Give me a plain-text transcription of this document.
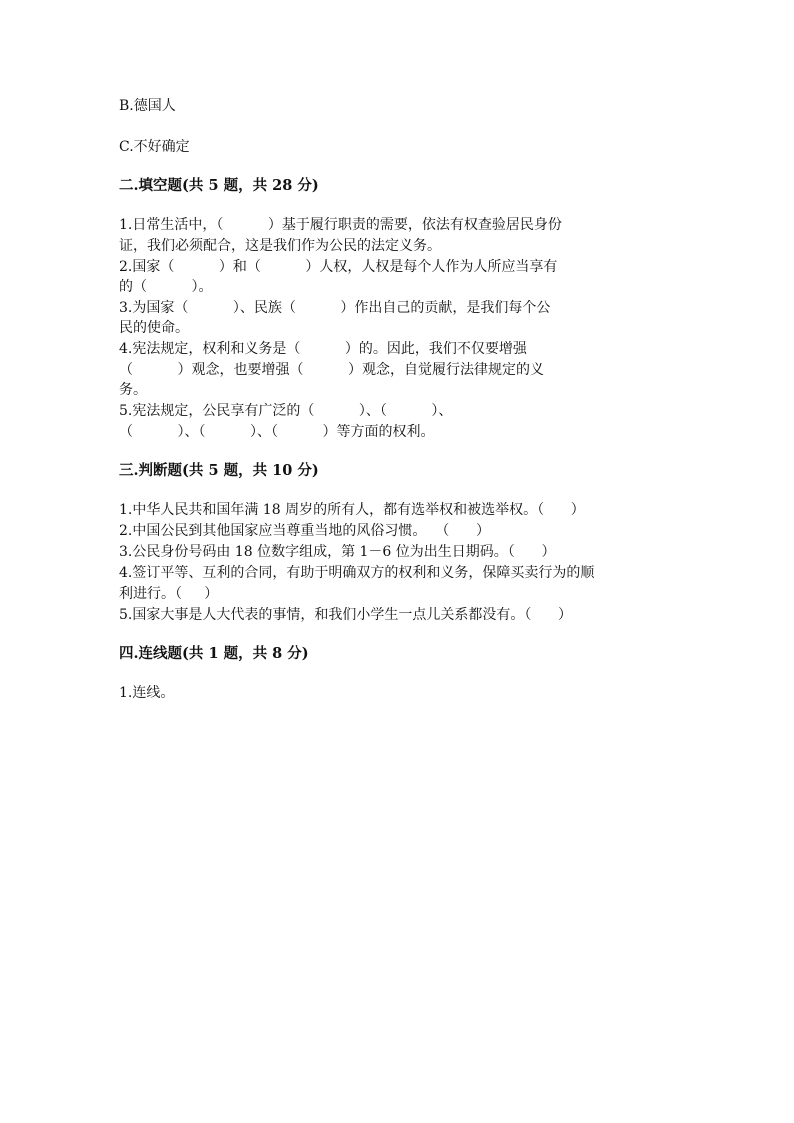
B.德国人
C.不好确定
二.填空题(共 5 题，共 28 分)
1.日常生活中，（          ）基于履行职责的需要，依法有权查验居民身份
证，我们必须配合，这是我们作为公民的法定义务。
2.国家（          ）和（          ）人权，人权是每个人作为人所应当享有
的（          ）。
3.为国家（          ）、民族（          ）作出自己的贡献，是我们每个公
民的使命。
4.宪法规定，权利和义务是（          ）的。因此，我们不仅要增强
（          ）观念，也要增强（          ）观念，自觉履行法律规定的义
务。
5.宪法规定，公民享有广泛的（          ）、（          ）、
（          ）、（          ）、（          ）等方面的权利。
三.判断题(共 5 题，共 10 分)
1.中华人民共和国年满 18 周岁的所有人，都有选举权和被选举权。（      ）
2.中国公民到其他国家应当尊重当地的风俗习惯。  （      ）
3.公民身份号码由 18 位数字组成，第 1－6 位为出生日期码。（      ）
4.签订平等、互利的合同，有助于明确双方的权利和义务，保障买卖行为的顺
利进行。（     ）
5.国家大事是人大代表的事情，和我们小学生一点儿关系都没有。（      ）
四.连线题(共 1 题，共 8 分)
1.连线。
